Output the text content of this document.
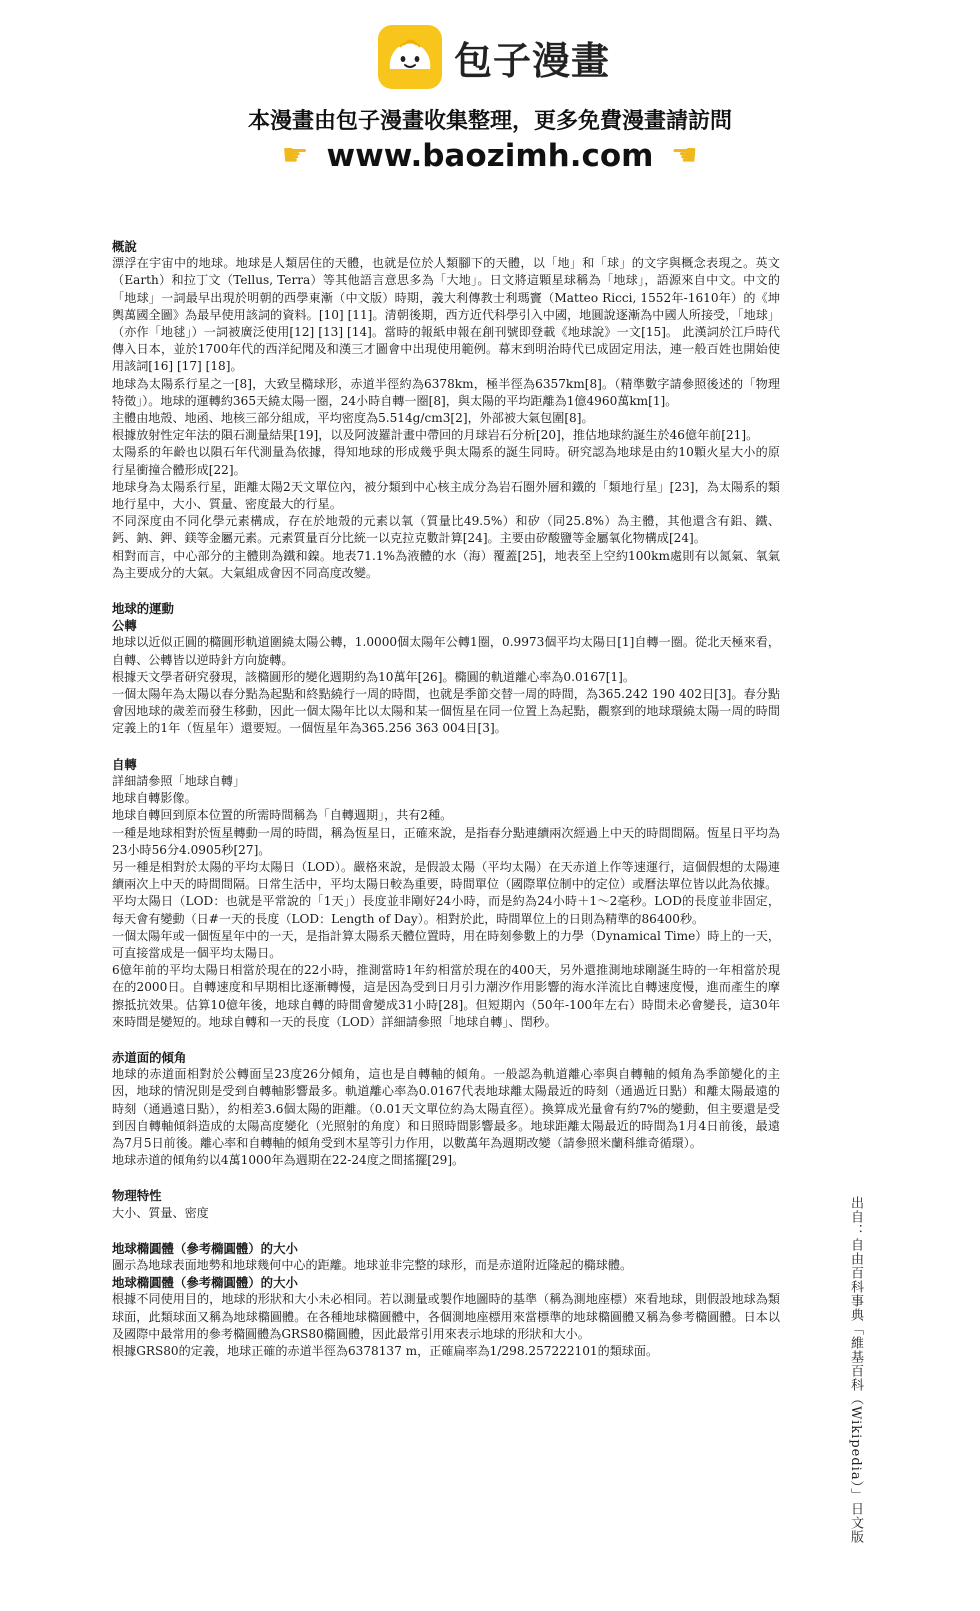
包子漫畫
本漫畫由包子漫畫收集整理，更多免費漫畫請訪問
☛ www.baozimh.com ☛
概說
漂浮在宇宙中的地球。地球是人類居住的天體，也就是位於人類腳下的天體，以「地」和「球」的文字與概念表現之。英文（Earth）和拉丁文（Tellus, Terra）等其他語言意思多為「大地」。日文將這顆星球稱為「地球」，語源來自中文。中文的「地球」一詞最早出現於明朝的西學東漸（中文版）時期，義大利傳教士利瑪竇（Matteo Ricci, 1552年-1610年）的《坤輿萬國全圖》為最早使用該詞的資料。[10] [11]。清朝後期，西方近代科學引入中國，地圓說逐漸為中國人所接受，「地球」（亦作「地毬」）一詞被廣泛使用[12] [13] [14]。當時的報紙申報在創刊號即登載《地球說》一文[15]。 此漢詞於江戶時代傳入日本，並於1700年代的西洋紀聞及和漢三才圖會中出現使用範例。幕末到明治時代已成固定用法，連一般百姓也開始使用該詞[16] [17] [18]。
地球為太陽系行星之一[8]，大致呈橢球形，赤道半徑約為6378km，極半徑為6357km[8]。（精準數字請參照後述的「物理特徵」）。地球的運轉約365天繞太陽一圈，24小時自轉一圈[8]，與太陽的平均距離為1億4960萬km[1]。
主體由地殼、地函、地核三部分組成，平均密度為5.514g/cm3[2]，外部被大氣包圍[8]。
根據放射性定年法的隕石測量結果[19]，以及阿波羅計畫中帶回的月球岩石分析[20]，推估地球約誕生於46億年前[21]。
太陽系的年齡也以隕石年代測量為依據，得知地球的形成幾乎與太陽系的誕生同時。研究認為地球是由約10顆火星大小的原行星衝撞合體形成[22]。
地球身為太陽系行星，距離太陽2天文單位內，被分類到中心核主成分為岩石圈外層和鐵的「類地行星」[23]，為太陽系的類地行星中，大小、質量、密度最大的行星。
不同深度由不同化學元素構成，存在於地殼的元素以氧（質量比49.5%）和矽（同25.8%）為主體，其他還含有鋁、鐵、鈣、鈉、鉀、鎂等金屬元素。元素質量百分比統一以克拉克數計算[24]。主要由矽酸鹽等金屬氧化物構成[24]。
相對而言，中心部分的主體則為鐵和鎳。地表71.1%為液體的水（海）覆蓋[25]，地表至上空約100km處則有以氮氣、氧氣為主要成分的大氣。大氣組成會因不同高度改變。
地球的運動
公轉
地球以近似正圓的橢圓形軌道圍繞太陽公轉，1.0000個太陽年公轉1圈，0.9973個平均太陽日[1]自轉一圈。從北天極來看，自轉、公轉皆以逆時針方向旋轉。
根據天文學者研究發現，該橢圓形的變化週期約為10萬年[26]。橢圓的軌道離心率為0.0167[1]。
一個太陽年為太陽以春分點為起點和終點繞行一周的時間，也就是季節交替一周的時間，為365.242 190 402日[3]。春分點會因地球的歲差而發生移動，因此一個太陽年比以太陽和某一個恆星在同一位置上為起點，觀察到的地球環繞太陽一周的時間定義上的1年（恆星年）還要短。一個恆星年為365.256 363 004日[3]。
自轉
詳細請參照「地球自轉」
地球自轉影像。
地球自轉回到原本位置的所需時間稱為「自轉週期」，共有2種。
一種是地球相對於恆星轉動一周的時間，稱為恆星日，正確來說，是指春分點連續兩次經過上中天的時間間隔。恆星日平均為23小時56分4.0905秒[27]。
另一種是相對於太陽的平均太陽日（LOD）。嚴格來說，是假設太陽（平均太陽）在天赤道上作等速運行，這個假想的太陽連續兩次上中天的時間間隔。日常生活中，平均太陽日較為重要，時間單位（國際單位制中的定位）或曆法單位皆以此為依據。
平均太陽日（LOD：也就是平常說的「1天」）長度並非剛好24小時，而是約為24小時＋1～2毫秒。LOD的長度並非固定，每天會有變動（日#一天的長度（LOD：Length of Day）。相對於此，時間單位上的日則為精準的86400秒。
一個太陽年或一個恆星年中的一天，是指計算太陽系天體位置時，用在時刻參數上的力學（Dynamical Time）時上的一天，可直接當成是一個平均太陽日。
6億年前的平均太陽日相當於現在的22小時，推測當時1年約相當於現在的400天，另外還推測地球剛誕生時的一年相當於現在的2000日。自轉速度和早期相比逐漸轉慢，這是因為受到日月引力潮汐作用影響的海水洋流比自轉速度慢，進而產生的摩擦抵抗效果。估算10億年後，地球自轉的時間會變成31小時[28]。但短期內（50年-100年左右）時間未必會變長，這30年來時間是變短的。地球自轉和一天的長度（LOD）詳細請參照「地球自轉」、閏秒。
赤道面的傾角
地球的赤道面相對於公轉面呈23度26分傾角，這也是自轉軸的傾角。一般認為軌道離心率與自轉軸的傾角為季節變化的主因，地球的情況則是受到自轉軸影響最多。軌道離心率為0.0167代表地球離太陽最近的時刻（通過近日點）和離太陽最遠的時刻（通過遠日點），約相差3.6個太陽的距離。（0.01天文單位約為太陽直徑）。換算成光量會有約7%的變動，但主要還是受到因自轉軸傾斜造成的太陽高度變化（光照射的角度）和日照時間影響最多。地球距離太陽最近的時間為1月4日前後，最遠為7月5日前後。離心率和自轉軸的傾角受到木星等引力作用，以數萬年為週期改變（請參照米蘭科維奇循環）。
地球赤道的傾角約以4萬1000年為週期在22-24度之間搖擺[29]。
物理特性
大小、質量、密度
地球橢圓體（參考橢圓體）的大小
圖示為地球表面地勢和地球幾何中心的距離。地球並非完整的球形，而是赤道附近隆起的橢球體。
地球橢圓體（參考橢圓體）的大小
根據不同使用目的，地球的形狀和大小未必相同。若以測量或製作地圖時的基準（稱為測地座標）來看地球，則假設地球為類球面，此類球面又稱為地球橢圓體。在各種地球橢圓體中，各個測地座標用來當標準的地球橢圓體又稱為參考橢圓體。日本以及國際中最常用的參考橢圓體為GRS80橢圓體，因此最常引用來表示地球的形狀和大小。
根據GRS80的定義，地球正確的赤道半徑為6378137 m，正確扁率為1/298.257222101的類球面。	出自：自由百科事典「維基百科（Wikipedia）」日文版
